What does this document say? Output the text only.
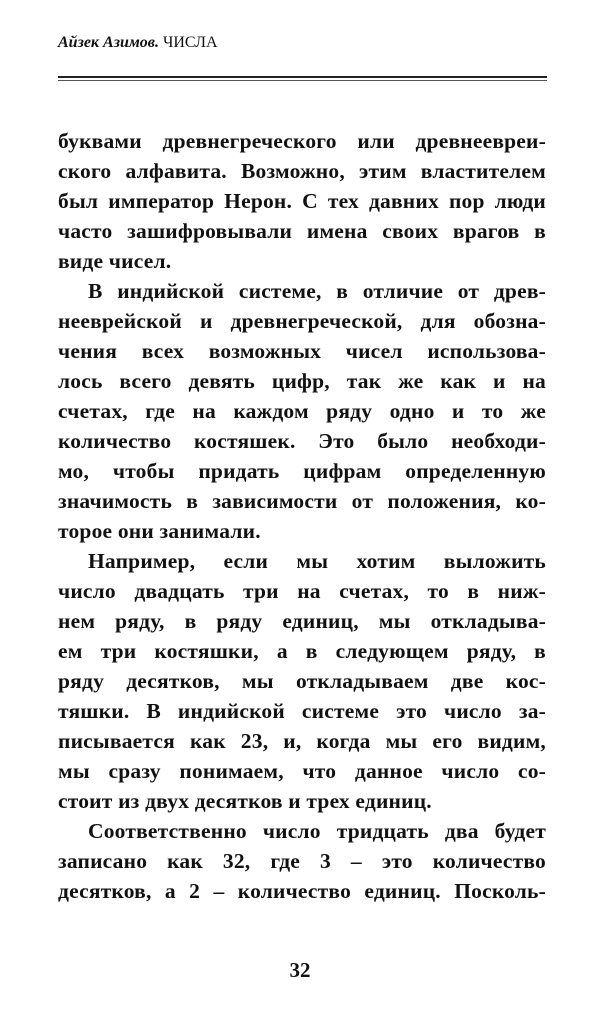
Айзек Азимов. ЧИСЛА
буквами древнегреческого или древнеевреи-
ского алфавита. Возможно, этим властителем
был император Нерон. С тех давних пор люди
часто зашифровывали имена своих врагов в
виде чисел.
В индийской системе, в отличие от древ-
нееврейской и древнегреческой, для обозна-
чения всех возможных чисел использова-
лось всего девять цифр, так же как и на
счетах, где на каждом ряду одно и то же
количество костяшек. Это было необходи-
мо, чтобы придать цифрам определенную
значимость в зависимости от положения, ко-
торое они занимали.
Например, если мы хотим выложить
число двадцать три на счетах, то в ниж-
нем ряду, в ряду единиц, мы откладыва-
ем три костяшки, а в следующем ряду, в
ряду десятков, мы откладываем две кос-
тяшки. В индийской системе это число за-
писывается как 23, и, когда мы его видим,
мы сразу понимаем, что данное число со-
стоит из двух десятков и трех единиц.
Соответственно число тридцать два будет
записано как 32, где 3 – это количество
десятков, а 2 – количество единиц. Посколь-
32
